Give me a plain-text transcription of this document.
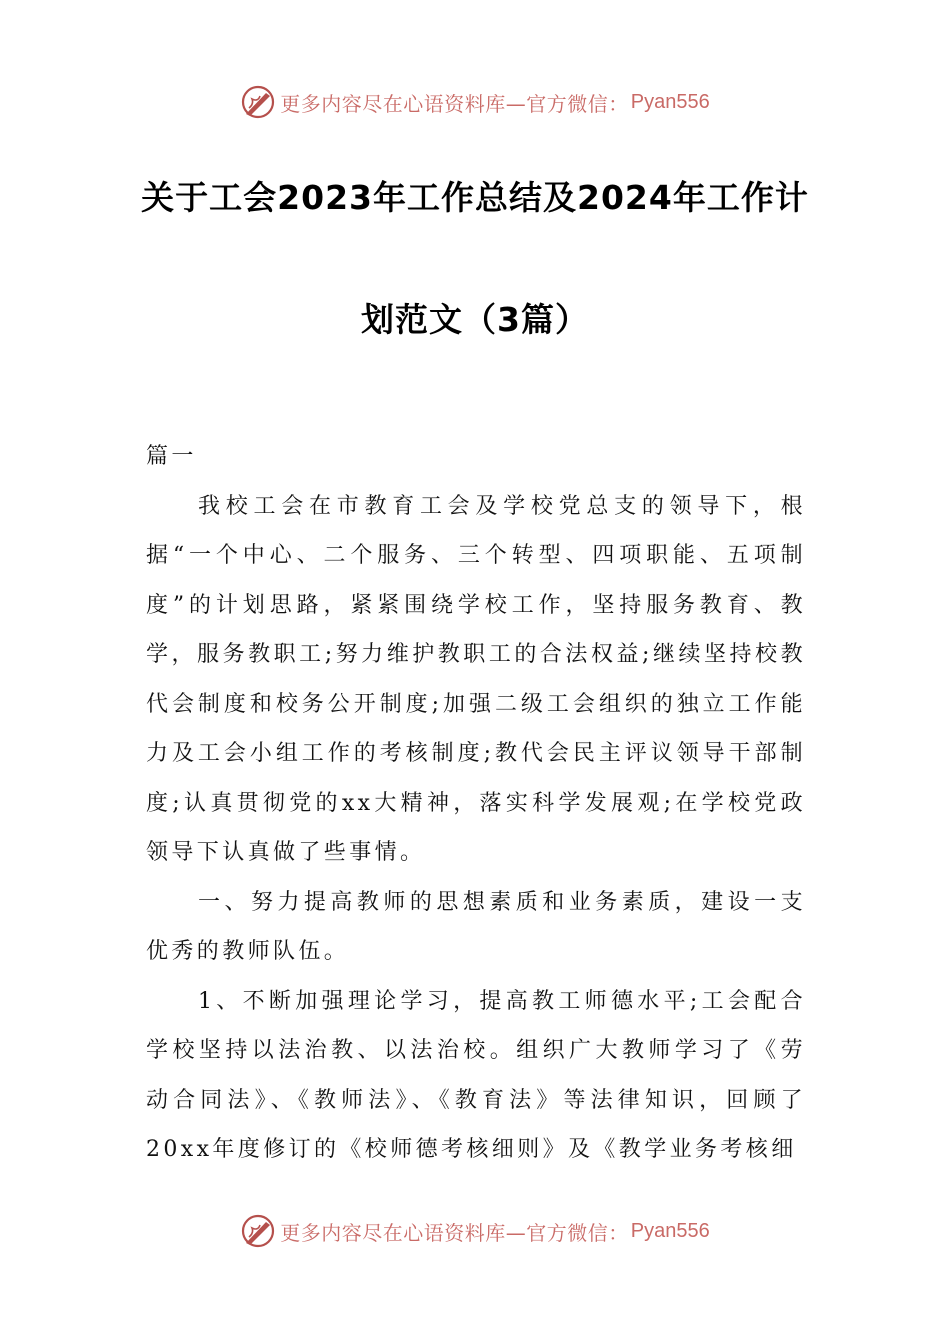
更多内容尽在心语资料库—官方微信： Pyan556
关于工会2023年工作总结及2024年工作计
划范文（3篇）

篇一

我校工会在市教育工会及学校党总支的领导下，根据“一个中心、二个服务、三个转型、四项职能、五项制度”的计划思路，紧紧围绕学校工作，坚持服务教育、教学，服务教职工;努力维护教职工的合法权益;继续坚持校教代会制度和校务公开制度;加强二级工会组织的独立工作能力及工会小组工作的考核制度;教代会民主评议领导干部制度;认真贯彻党的xx大精神，落实科学发展观;在学校党政领导下认真做了些事情。

一、努力提高教师的思想素质和业务素质，建设一支优秀的教师队伍。

1、不断加强理论学习，提高教工师德水平;工会配合学校坚持以法治教、以法治校。组织广大教师学习了《劳动合同法》、《教师法》、《教育法》等法律知识，回顾了20xx年度修订的《校师德考核细则》及《教学业务考核细

更多内容尽在心语资料库—官方微信： Pyan556
